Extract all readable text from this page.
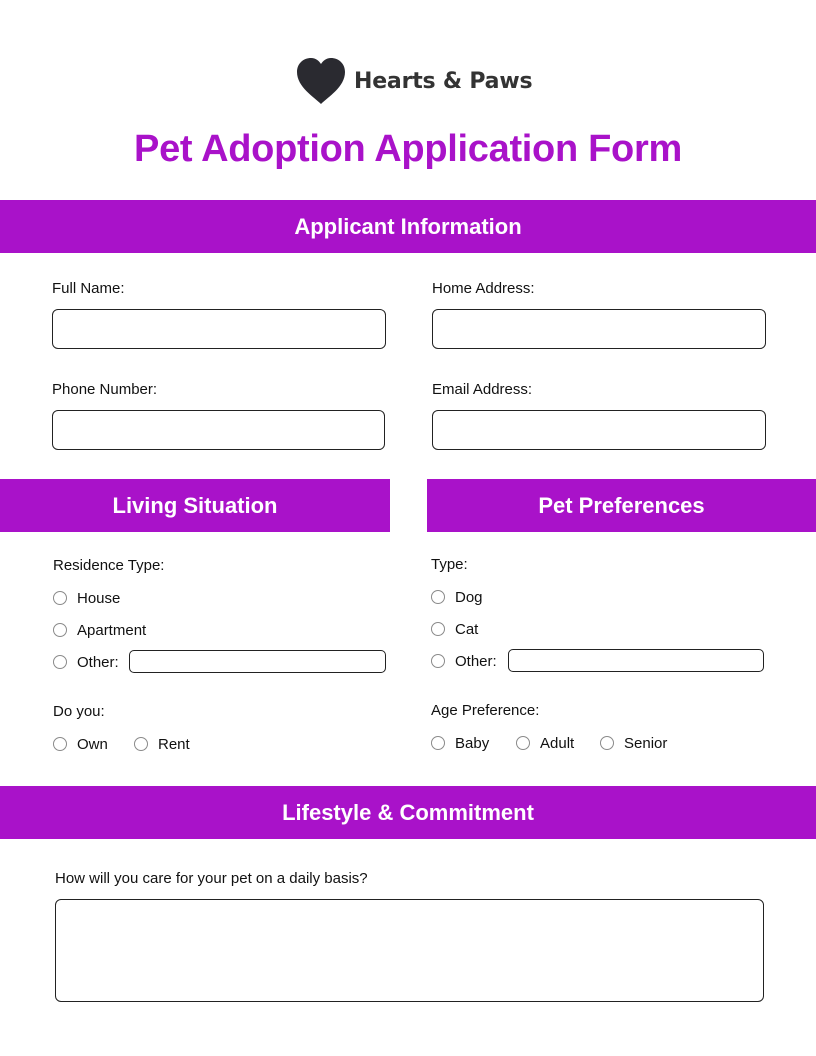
Hearts & Paws
Pet Adoption Application Form
Applicant Information
Full Name:	Home Address:
Phone Number:	Email Address:
Living Situation	Pet Preferences
Residence Type:
House
Apartment
Other:
Do you:
Own	Rent
Type:
Dog
Cat
Other:
Age Preference:
Baby	Adult	Senior
Lifestyle & Commitment
How will you care for your pet on a daily basis?
